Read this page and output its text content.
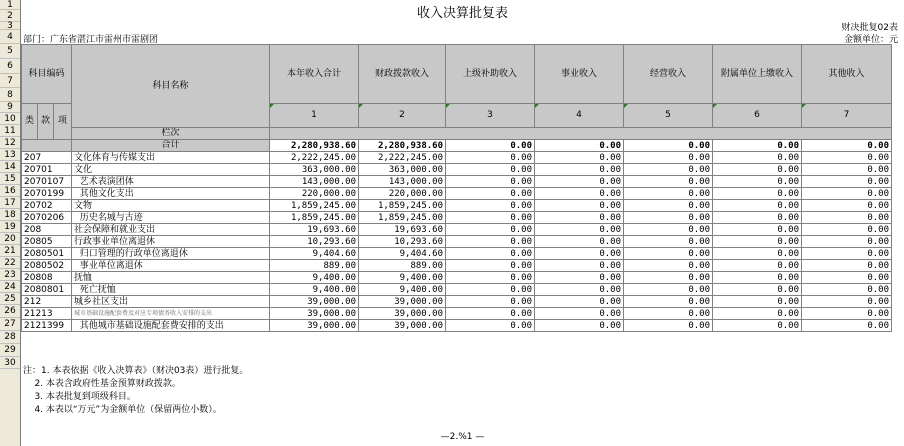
1
2
3
4
5
6
7
8
9
10
11
12
13
14
15
16
17
18
19
20
21
22
23
24
25
26
27
28
29
30
收入决算批复表
财决批复02表
部门：广东省湛江市雷州市雷剧团	金额单位：元
科目编码			科目名称	本年收入合计	财政拨款收入	上级补助收入	事业收入	经营收入	附属单位上缴收入	其他收入
类	款	项		1	2	3	4	5	6	7
			栏次							
			合计	2,280,938.60	2,280,938.60	0.00	0.00	0.00	0.00	0.00
207			文化体育与传媒支出	2,222,245.00	2,222,245.00	0.00	0.00	0.00	0.00	0.00
20701			文化	363,000.00	363,000.00	0.00	0.00	0.00	0.00	0.00
2070107			艺术表演团体	143,000.00	143,000.00	0.00	0.00	0.00	0.00	0.00
2070199			其他文化支出	220,000.00	220,000.00	0.00	0.00	0.00	0.00	0.00
20702			文物	1,859,245.00	1,859,245.00	0.00	0.00	0.00	0.00	0.00
2070206			历史名城与古迹	1,859,245.00	1,859,245.00	0.00	0.00	0.00	0.00	0.00
208			社会保障和就业支出	19,693.60	19,693.60	0.00	0.00	0.00	0.00	0.00
20805			行政事业单位离退休	10,293.60	10,293.60	0.00	0.00	0.00	0.00	0.00
2080501			归口管理的行政单位离退休	9,404.60	9,404.60	0.00	0.00	0.00	0.00	0.00
2080502			事业单位离退休	889.00	889.00	0.00	0.00	0.00	0.00	0.00
20808			抚恤	9,400.00	9,400.00	0.00	0.00	0.00	0.00	0.00
2080801			死亡抚恤	9,400.00	9,400.00	0.00	0.00	0.00	0.00	0.00
212			城乡社区支出	39,000.00	39,000.00	0.00	0.00	0.00	0.00	0.00
21213			城市基础设施配套费及对应专项债务收入安排的支出	39,000.00	39,000.00	0.00	0.00	0.00	0.00	0.00
2121399			其他城市基础设施配套费安排的支出	39,000.00	39,000.00	0.00	0.00	0.00	0.00	0.00
注：1. 本表依据《收入决算表》（财决03表）进行批复。
2. 本表含政府性基金预算财政拨款。
3. 本表批复到项级科目。
4. 本表以“万元”为金额单位（保留两位小数）。
—2.%1 —
